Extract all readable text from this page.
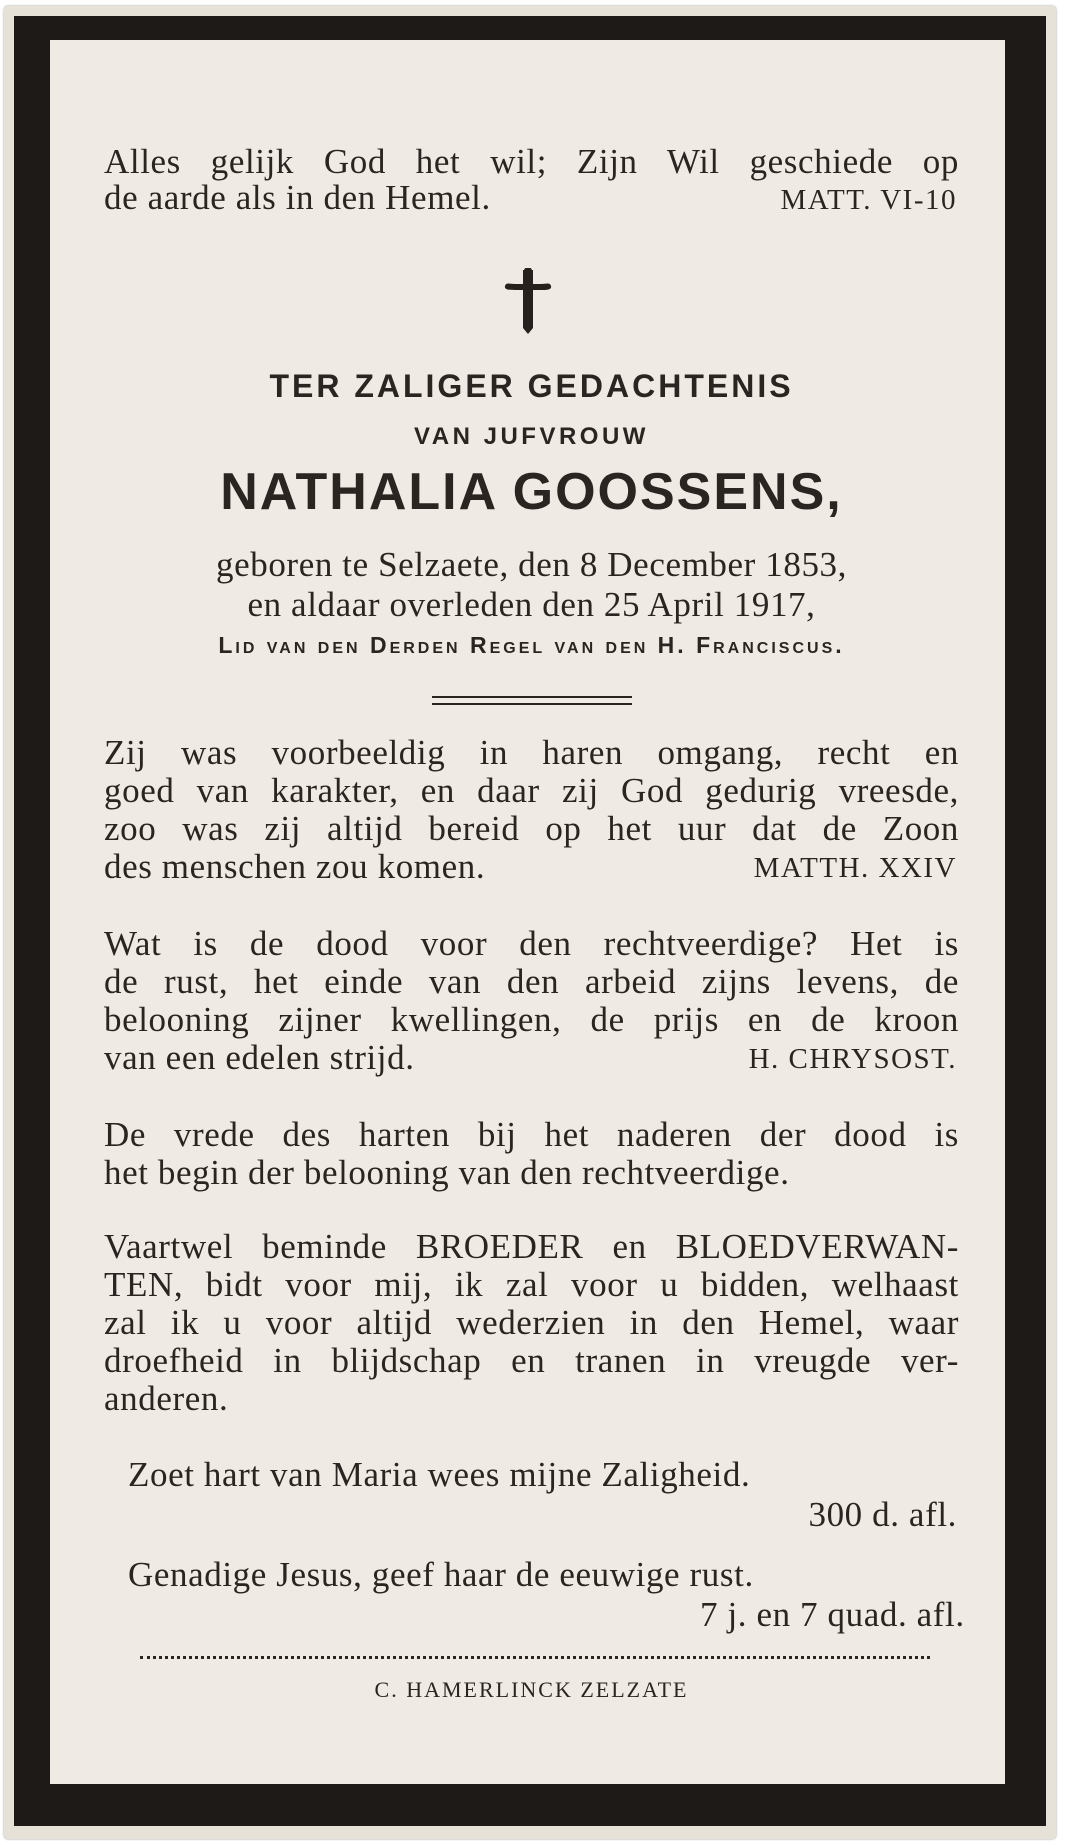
Alles gelijk God het wil; Zijn Wil geschiede op
de aarde als in den Hemel.	MATT. VI-10
TER ZALIGER GEDACHTENIS
VAN JUFVROUW
NATHALIA GOOSSENS,
geboren te Selzaete, den 8 December 1853,
en aldaar overleden den 25 April 1917,
Lid van den Derden Regel van den H. Franciscus.
Zij was voorbeeldig in haren omgang, recht en
goed van karakter, en daar zij God gedurig vreesde,
zoo was zij altijd bereid op het uur dat de Zoon
des menschen zou komen.	MATTH. XXIV
Wat is de dood voor den rechtveerdige? Het is
de rust, het einde van den arbeid zijns levens, de
belooning zijner kwellingen, de prijs en de kroon
van een edelen strijd.	H. CHRYSOST.
De vrede des harten bij het naderen der dood is
het begin der belooning van den rechtveerdige.
Vaartwel beminde BROEDER en BLOEDVERWAN-
TEN, bidt voor mij, ik zal voor u bidden, welhaast
zal ik u voor altijd wederzien in den Hemel, waar
droefheid in blijdschap en tranen in vreugde ver-
anderen.
Zoet hart van Maria wees mijne Zaligheid.
300 d. afl.
Genadige Jesus, geef haar de eeuwige rust.
7 j. en 7 quad. afl.
C. HAMERLINCK ZELZATE
